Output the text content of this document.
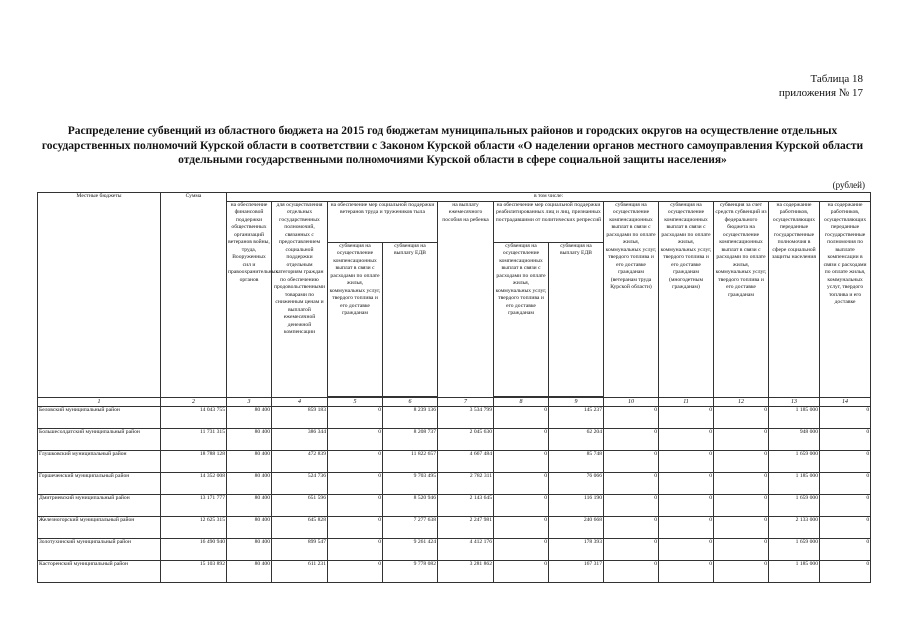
Таблица 18
приложения № 17
Распределение субвенций из областного бюджета на 2015 год бюджетам муниципальных районов и городских округов на осуществление отдельных государственных полномочий Курской области в соответствии с Законом Курской области «О наделении органов местного самоуправления Курской области отдельными государственными полномочиями Курской области в сфере социальной защиты населения»
(рублей)
Местные бюджеты	Сумма	в том числе:											
		на обеспечение финансовой поддержки общественных организаций ветеранов войны, труда, Вооруженных сил и правоохранительных органов	для осуществления отдельных государственных полномочий, связанных с предоставлением социальной поддержки отдельным категориям граждан по обеспечению продовольственными товарами по сниженным ценам и выплатой ежемесячной денежной компенсации	на обеспечение мер социальной поддержки ветеранов труда и тружеников тыла		на выплату ежемесячного пособия на ребенка	на обеспечение мер социальной поддержки реабилитированных лиц и лиц, признанных пострадавшими от политических репрессий		субвенция на осуществление компенсационных выплат в связи с расходами по оплате жилья, коммунальных услуг, твердого топлива и его доставке гражданам (ветеранам труда Курской области)	субвенция на осуществление компенсационных выплат в связи с расходами по оплате жилья, коммунальных услуг, твердого топлива и его доставке гражданам (многодетным гражданам)	субвенция за счет средств субвенций из федерального бюджета на осуществление компенсационных выплат в связи с расходами по оплате жилья, коммунальных услуг, твердого топлива и его доставке гражданам	на содержание работников, осуществляющих переданные государственные полномочия в сфере социальной защиты населения	на содержание работников, осуществляющих переданные государственные полномочия по выплате компенсации в связи с расходами по оплате жилья, коммунальных услуг, твердого топлива и его доставке
				субвенция на осуществление компенсационных выплат в связи с расходами по оплате жилья, коммунальных услуг, твердого топлива и его доставке гражданам	субвенция на выплату ЕДВ		субвенция на осуществление компенсационных выплат в связи с расходами по оплате жилья, коммунальных услуг, твердого топлива и его доставке гражданам	субвенция на выплату ЕДВ					

1	2	3	4	5	6	7	8	9	10	11	12	13	14
Беловский муниципальный район	14 043 755	80 400	859 183	0	8 239 136	3 534 799	0	145 237	0	0	0	1 185 000	0
Большесолдатский муниципальный район	11 731 315	80 400	386 344	0	8 208 737	2 045 630	0	62 204	0	0	0	948 000	0
Глушковский муниципальный район	18 788 128	80 400	472 839	0	11 822 657	4 667 484	0	85 748	0	0	0	1 659 000	0
Горшеченский муниципальный район	14 352 008	80 400	524 736	0	9 703 495	2 782 311	0	76 066	0	0	0	1 185 000	0
Дмитриевский муниципальный район	13 171 777	80 400	651 596	0	8 520 946	2 143 645	0	116 190	0	0	0	1 659 000	0
Железногорский муниципальный район	12 625 315	80 400	645 828	0	7 277 638	2 247 981	0	240 668	0	0	0	2 133 000	0
Золотухинский муниципальный район	16 490 940	80 400	899 547	0	9 261 424	4 412 176	0	178 393	0	0	0	1 659 000	0
Касторенский муниципальный район	15 103 892	80 400	611 231	0	9 778 082	3 281 862	0	167 317	0	0	0	1 185 000	0
